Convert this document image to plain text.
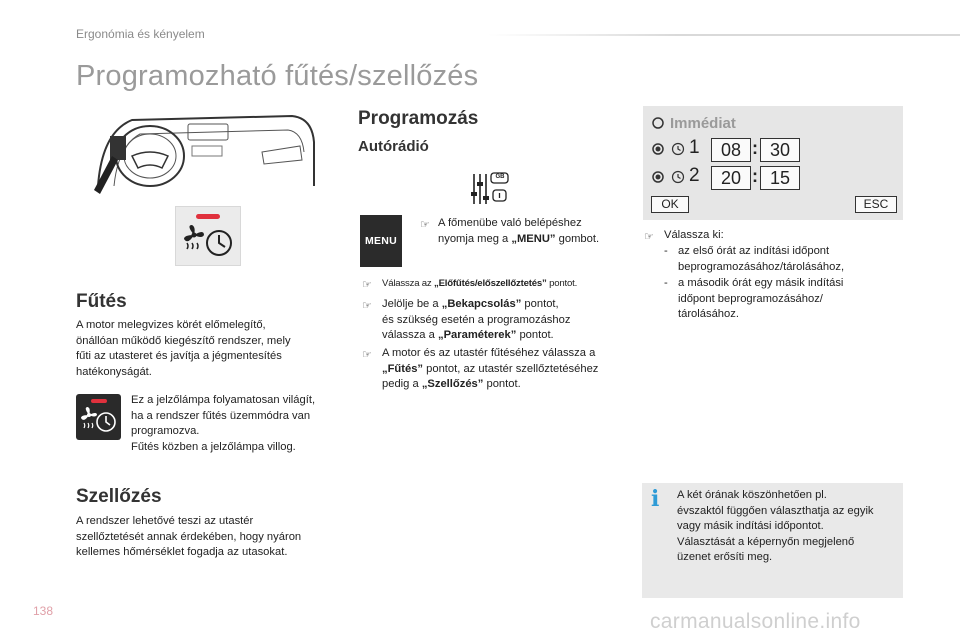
Ergonómia és kényelem
Programozható fűtés/szellőzés
Fűtés
A motor melegvizes körét előmelegítő,
önállóan működő kiegészítő rendszer, mely
fűti az utasteret és javítja a jégmentesítés
hatékonyságát.
Ez a jelzőlámpa folyamatosan világít,
ha a rendszer fűtés üzemmódra van
programozva.
Fűtés közben a jelzőlámpa villog.
Szellőzés
A rendszer lehetővé teszi az utastér
szellőztetését annak érdekében, hogy nyáron
kellemes hőmérséklet fogadja az utasokat.
Programozás
Autórádió
GB
MENU
☞ A főmenübe való belépéshez
nyomja meg a „MENU” gombot.
☞ Válassza az „Előfűtés/előszellőztetés” pontot.
☞ Jelölje be a „Bekapcsolás” pontot,
és szükség esetén a programozáshoz
válassza a „Paraméterek” pontot.
☞ A motor és az utastér fűtéséhez válassza a
„Fűtés” pontot, az utastér szellőztetéséhez
pedig a „Szellőzés” pontot.
Immédiat
1	08 : 30
2	20 : 15
OK	ESC
☞ Válassza ki:
- az első órát az indítási időpont
beprogramozásához/tárolásához,
- a második órát egy másik indítási
időpont beprogramozásához/
tárolásához.
i	A két órának köszönhetően pl.
évszaktól függően választhatja az egyik
vagy másik indítási időpontot.
Választását a képernyőn megjelenő
üzenet erősíti meg.
138	carmanualsonline.info
